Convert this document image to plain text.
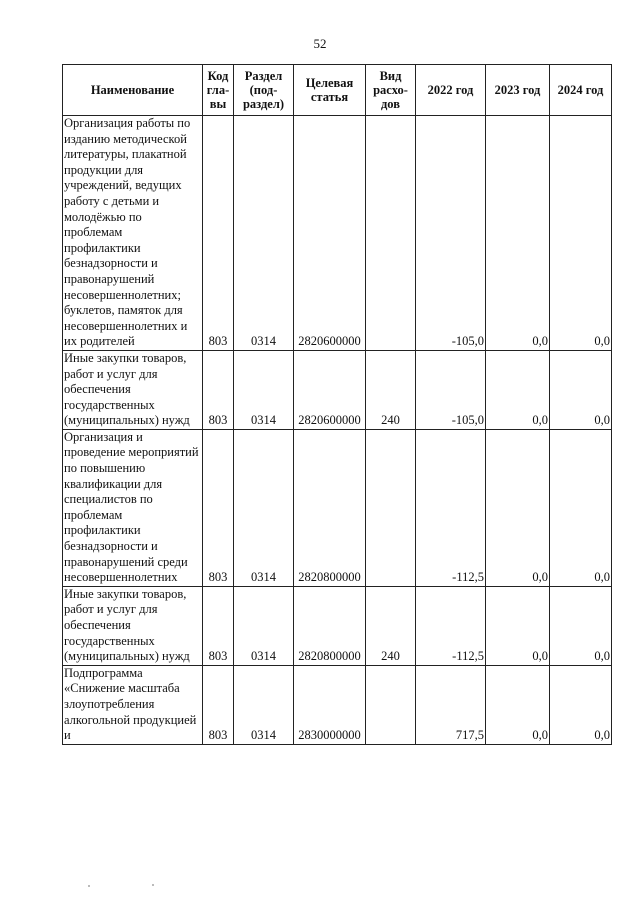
52
Наименование	Код гла-вы	Раздел (под-раздел)	Целевая статья	Вид расхо-дов	2022 год	2023 год	2024 год
Организация работы по изданию методической литературы, плакатной продукции для учреждений, ведущих работу с детьми и молодёжью по проблемам профилактики безнадзорности и правонарушений несовершеннолетних; буклетов, памяток для несовершеннолетних и их родителей	803	0314	2820600000		-105,0	0,0	0,0
Иные закупки товаров, работ и услуг для обеспечения государственных (муниципальных) нужд	803	0314	2820600000	240	-105,0	0,0	0,0
Организация и проведение мероприятий по повышению квалификации для специалистов по проблемам профилактики безнадзорности и правонарушений среди несовершеннолетних	803	0314	2820800000		-112,5	0,0	0,0
Иные закупки товаров, работ и услуг для обеспечения государственных (муниципальных) нужд	803	0314	2820800000	240	-112,5	0,0	0,0
Подпрограмма «Снижение масштаба злоупотребления алкогольной продукцией и	803	0314	2830000000		717,5	0,0	0,0
